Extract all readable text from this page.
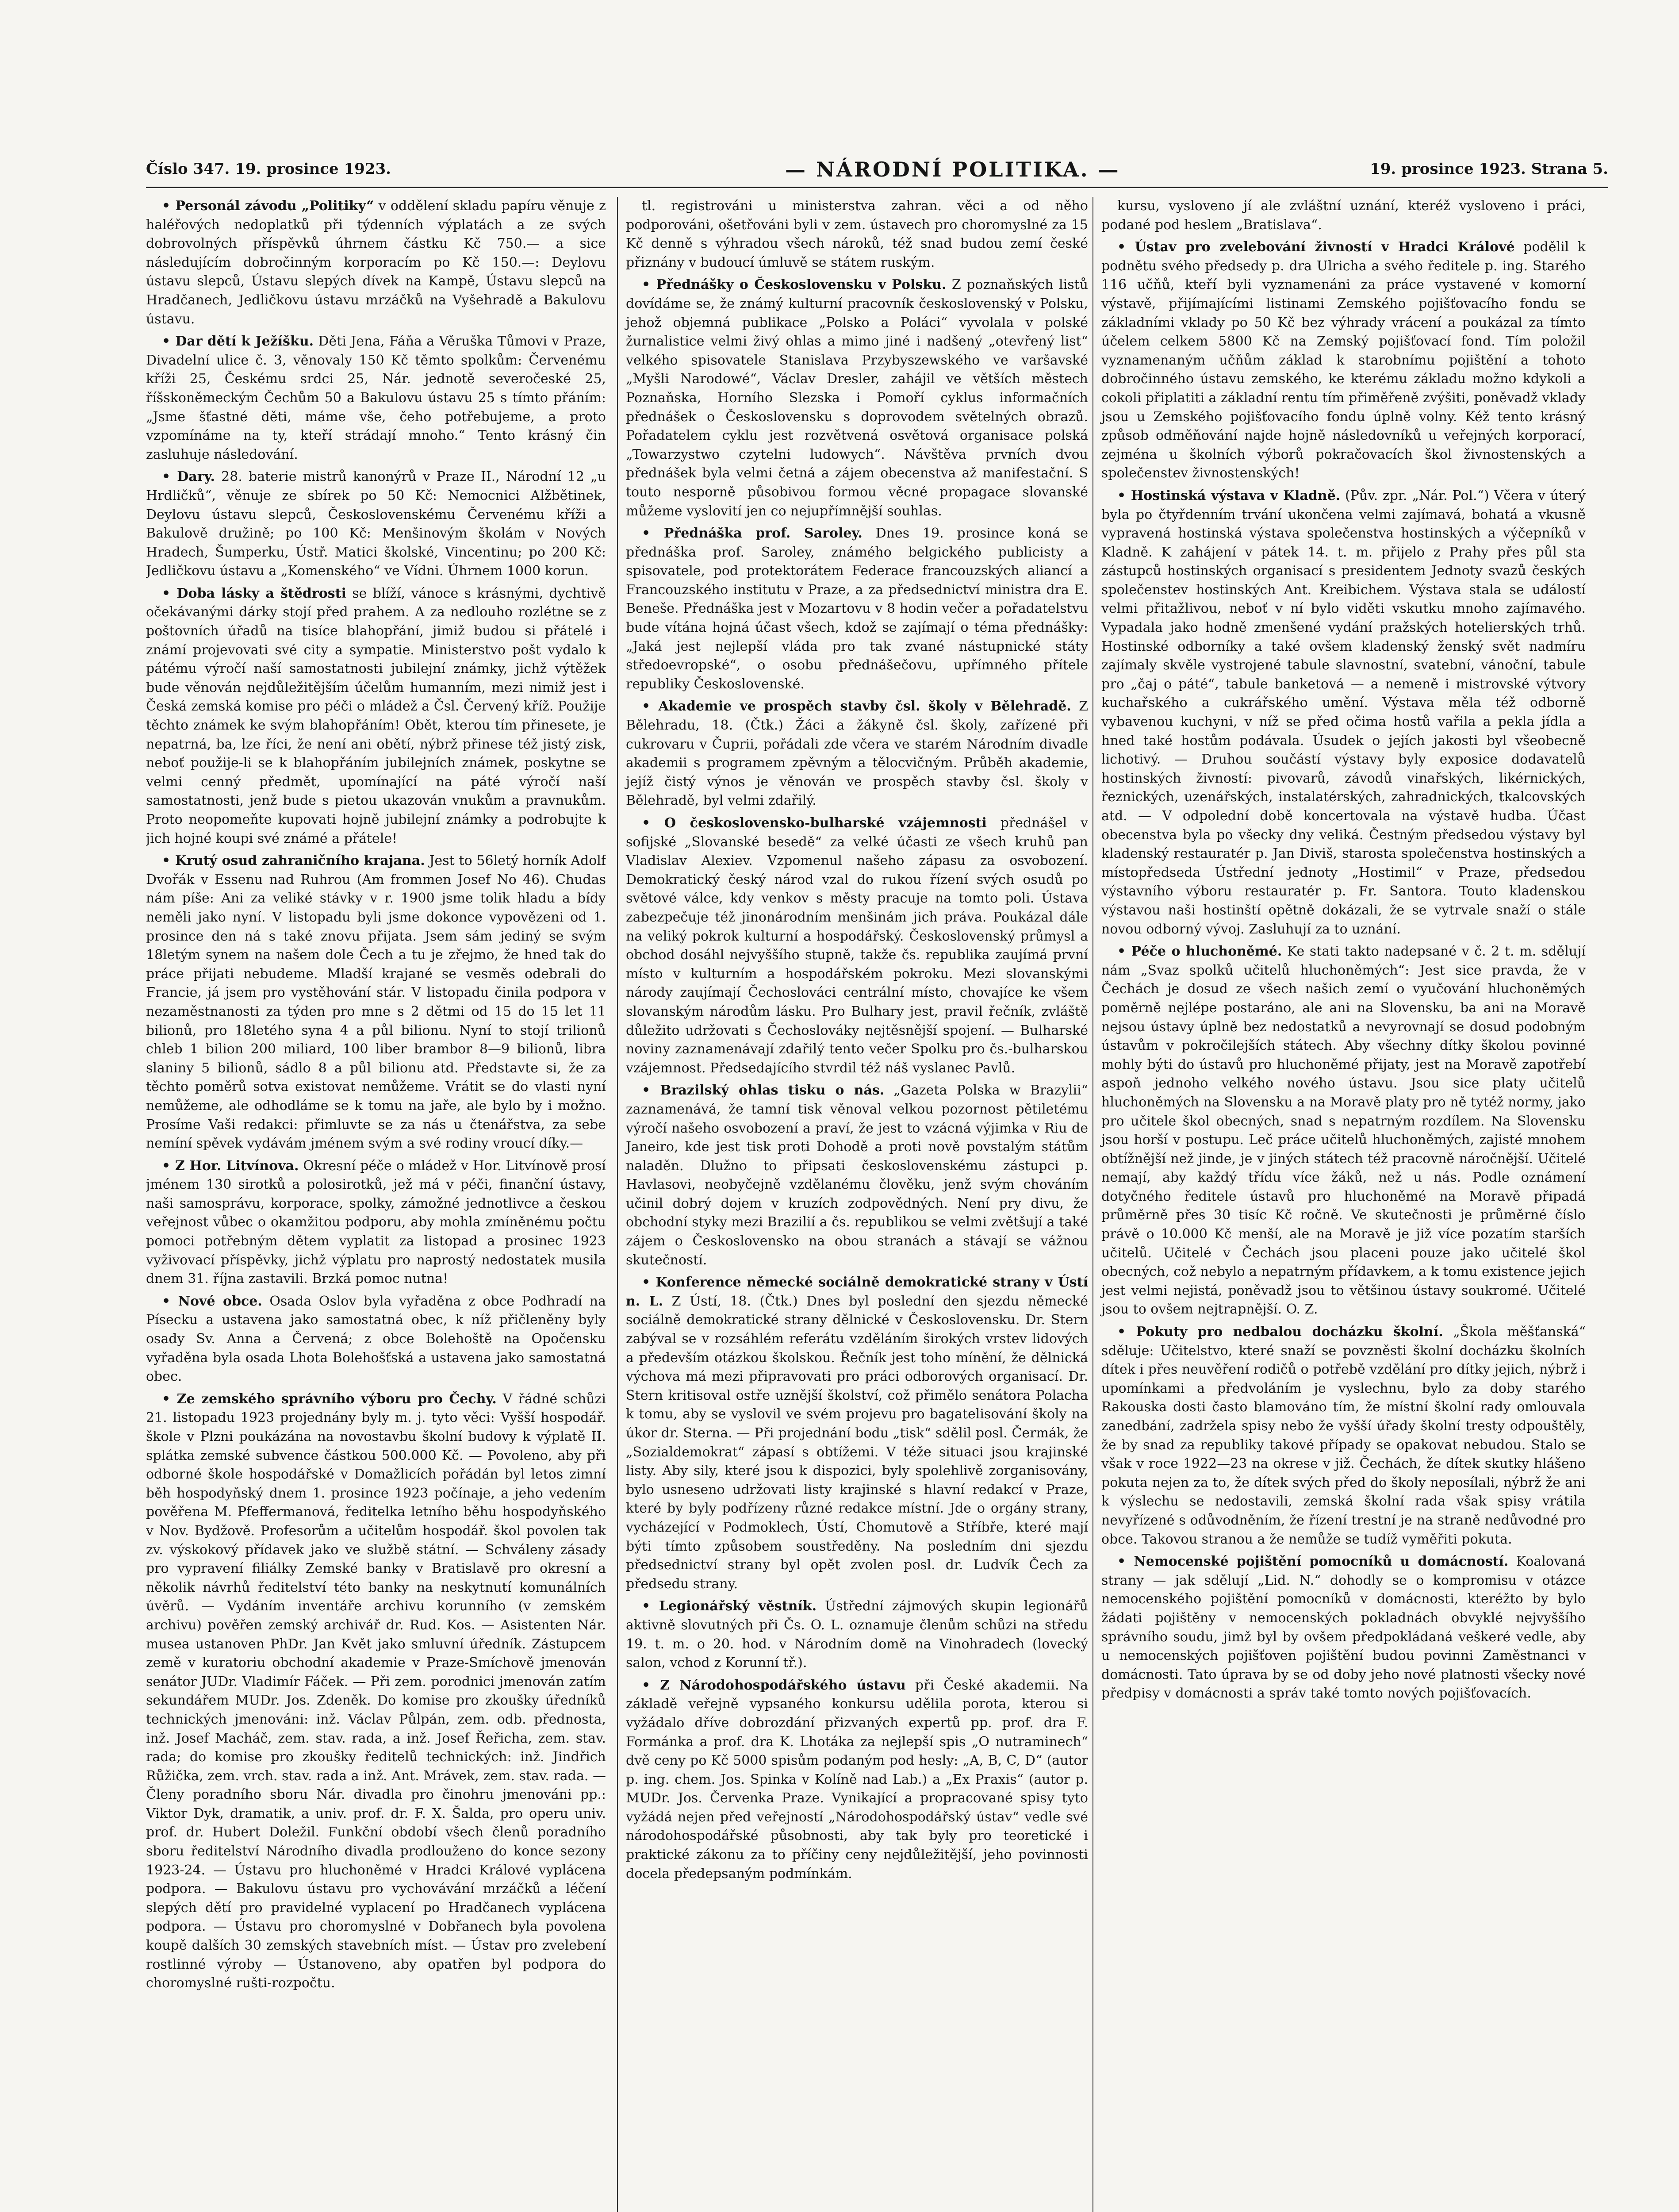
Číslo 347. 19. prosince 1923.	— NÁRODNÍ POLITIKA. —	19. prosince 1923. Strana 5.

• Personál závodu „Politiky“ v oddělení skladu papíru věnuje z haléřových nedoplatků při týdenních výplatách a ze svých dobrovolných příspěvků úhrnem částku Kč 750.— a sice následujícím dobročinným korporacím po Kč 150.—: Deylovu ústavu slepců, Ústavu slepých dívek na Kampě, Ústavu slepců na Hradčanech, Jedličkovu ústavu mrzáčků na Vyšehradě a Bakulovu ústavu.

• Dar dětí k Ježíšku. Děti Jena, Fáňa a Věruška Tůmovi v Praze, Divadelní ulice č. 3, věnovaly 150 Kč těmto spolkům: Červenému kříži 25, Českému srdci 25, Nár. jednotě severočeské 25, říšskoněmeckým Čechům 50 a Bakulovu ústavu 25 s tímto přáním: „Jsme šťastné děti, máme vše, čeho potřebujeme, a proto vzpomínáme na ty, kteří strádají mnoho.“ Tento krásný čin zasluhuje následování.

• Dary. 28. baterie mistrů kanonýrů v Praze II., Národní 12 „u Hrdličků“, věnuje ze sbírek po 50 Kč: Nemocnici Alžbětinek, Deylovu ústavu slepců, Československému Červenému kříži a Bakulově družině; po 100 Kč: Menšinovým školám v Nových Hradech, Šumperku, Ústř. Matici školské, Vincentinu; po 200 Kč: Jedličkovu ústavu a „Komenského“ ve Vídni. Úhrnem 1000 korun.

• Doba lásky a štědrosti se blíží, vánoce s krásnými, dychtivě očekávanými dárky stojí před prahem. A za nedlouho rozlétne se z poštovních úřadů na tisíce blahopřání, jimiž budou si přátelé i známí projevovati své city a sympatie. Ministerstvo pošt vydalo k pátému výročí naší samostatnosti jubilejní známky, jichž výtěžek bude věnován nejdůležitějším účelům humanním, mezi nimiž jest i Česká zemská komise pro péči o mládež a Čsl. Červený kříž. Použije těchto známek ke svým blahopřáním! Obět, kterou tím přinesete, je nepatrná, ba, lze říci, že není ani obětí, nýbrž přinese též jistý zisk, neboť použije-li se k blahopřáním jubilejních známek, poskytne se velmi cenný předmět, upomínající na páté výročí naší samostatnosti, jenž bude s pietou ukazován vnukům a pravnukům. Proto neopomeňte kupovati hojně jubilejní známky a podrobujte k jich hojné koupi své známé a přátele!

• Krutý osud zahraničního krajana. Jest to 56letý horník Adolf Dvořák v Essenu nad Ruhrou (Am frommen Josef No 46). Chudas nám píše: Ani za veliké stávky v r. 1900 jsme tolik hladu a bídy neměli jako nyní. V listopadu byli jsme dokonce vypovězeni od 1. prosince den ná s také znovu přijata. Jsem sám jediný se svým 18letým synem na našem dole Čech a tu je zřejmo, že hned tak do práce přijati nebudeme. Mladší krajané se vesměs odebrali do Francie, já jsem pro vystěhování stár. V listopadu činila podpora v nezaměstnanosti za týden pro mne s 2 dětmi od 15 do 15 let 11 bilionů, pro 18letého syna 4 a půl bilionu. Nyní to stojí trilionů chleb 1 bilion 200 miliard, 100 liber brambor 8—9 bilionů, libra slaniny 5 bilionů, sádlo 8 a půl bilionu atd. Představte si, že za těchto poměrů sotva existovat nemůžeme. Vrátit se do vlasti nyní nemůžeme, ale odhodláme se k tomu na jaře, ale bylo by i možno. Prosíme Vaši redakci: přimluvte se za nás u čtenářstva, za sebe nemíní spěvek vydávám jménem svým a své rodiny vroucí díky.—

• Z Hor. Litvínova. Okresní péče o mládež v Hor. Litvínově prosí jménem 130 sirotků a polosirotků, jež má v péči, finanční ústavy, naši samosprávu, korporace, spolky, zámožné jednotlivce a českou veřejnost vůbec o okamžitou podporu, aby mohla zmíněnému počtu pomoci potřebným dětem vyplatit za listopad a prosinec 1923 vyživovací příspěvky, jichž výplatu pro naprostý nedostatek musila dnem 31. října zastavili. Brzká pomoc nutna!

• Nové obce. Osada Oslov byla vyřaděna z obce Podhradí na Písecku a ustavena jako samostatná obec, k níž přičleněny byly osady Sv. Anna a Červená; z obce Bolehoště na Opočensku vyřaděna byla osada Lhota Bolehošťská a ustavena jako samostatná obec.

• Ze zemského správního výboru pro Čechy. V řádné schůzi 21. listopadu 1923 projednány byly m. j. tyto věci: Vyšší hospodář. škole v Plzni poukázána na novostavbu školní budovy k výplatě II. splátka zemské subvence částkou 500.000 Kč. — Povoleno, aby při odborné škole hospodářské v Domažlicích pořádán byl letos zimní běh hospodyňský dnem 1. prosince 1923 počínaje, a jeho vedením pověřena M. Pfeffermanová, ředitelka letního běhu hospodyňského v Nov. Bydžově. Profesorům a učitelům hospodář. škol povolen tak zv. výskokový přídavek jako ve službě státní. — Schváleny zásady pro vypravení filiálky Zemské banky v Bratislavě pro okresní a několik návrhů ředitelství této banky na neskytnutí komunálních úvěrů. — Vydáním inventáře archivu korunního (v zemském archivu) pověřen zemský archivář dr. Rud. Kos. — Asistenten Nár. musea ustanoven PhDr. Jan Květ jako smluvní úředník. Zástupcem země v kuratoriu obchodní akademie v Praze-Smíchově jmenován senátor JUDr. Vladimír Fáček. — Při zem. porodnici jmenován zatím sekundářem MUDr. Jos. Zdeněk. Do komise pro zkoušky úředníků technických jmenováni: inž. Václav Půlpán, zem. odb. přednosta, inž. Josef Macháč, zem. stav. rada, a inž. Josef Řeřicha, zem. stav. rada; do komise pro zkoušky ředitelů technických: inž. Jindřich Růžička, zem. vrch. stav. rada a inž. Ant. Mrávek, zem. stav. rada. — Členy poradního sboru Nár. divadla pro činohru jmenováni pp.: Viktor Dyk, dramatik, a univ. prof. dr. F. X. Šalda, pro operu univ. prof. dr. Hubert Doležil. Funkční období všech členů poradního sboru ředitelství Národního divadla prodlouženo do konce sezony 1923-24. — Ústavu pro hluchoněmé v Hradci Králové vyplácena podpora. — Bakulovu ústavu pro vychovávání mrzáčků a léčení slepých dětí pro pravidelné vyplacení po Hradčanech vyplácena podpora. — Ústavu pro choromyslné v Dobřanech byla povolena koupě dalších 30 zemských stavebních míst. — Ústav pro zvelebení rostlinné výroby — Ústanoveno, aby opatřen byl podpora do choromyslné rušti-rozpočtu.

tl. registrováni u ministerstva zahran. věci a od něho podporováni, ošetřováni byli v zem. ústavech pro choromyslné za 15 Kč denně s výhradou všech nároků, též snad budou zemí české přiznány v budoucí úmluvě se státem ruským.

• Přednášky o Československu v Polsku. Z poznaňských listů dovídáme se, že známý kulturní pracovník československý v Polsku, jehož objemná publikace „Polsko a Poláci“ vyvolala v polské žurnalistice velmi živý ohlas a mimo jiné i nadšený „otevřený list“ velkého spisovatele Stanislava Przybyszewského ve varšavské „Myšli Narodowé“, Václav Dresler, zahájil ve větších městech Poznaňska, Horního Slezska i Pomoří cyklus informačních přednášek o Československu s doprovodem světelných obrazů. Pořadatelem cyklu jest rozvětvená osvětová organisace polská „Towarzystwo czytelni ludowych“. Návštěva prvních dvou přednášek byla velmi četná a zájem obecenstva až manifestační. S touto nesporně působivou formou věcné propagace slovanské můžeme vyslovití jen co nejupřímnější souhlas.

• Přednáška prof. Saroley. Dnes 19. prosince koná se přednáška prof. Saroley, známého belgického publicisty a spisovatele, pod protektorátem Federace francouzských aliancí a Francouzského institutu v Praze, a za předsednictví ministra dra E. Beneše. Přednáška jest v Mozartovu v 8 hodin večer a pořadatelstvu bude vítána hojná účast všech, kdož se zajímají o téma přednášky: „Jaká jest nejlepší vláda pro tak zvané nástupnické státy středoevropské“, o osobu přednášečovu, upřímného přítele republiky Československé.

• Akademie ve prospěch stavby čsl. školy v Bělehradě. Z Bělehradu, 18. (Čtk.) Žáci a žákyně čsl. školy, zařízené při cukrovaru v Čuprii, pořádali zde včera ve starém Národním divadle akademii s programem zpěvným a tělocvičným. Průběh akademie, jejíž čistý výnos je věnován ve prospěch stavby čsl. školy v Bělehradě, byl velmi zdařilý.

• O československo-bulharské vzájemnosti přednášel v sofijské „Slovanské besedě“ za velké účasti ze všech kruhů pan Vladislav Alexiev. Vzpomenul našeho zápasu za osvobození. Demokratický český národ vzal do rukou řízení svých osudů po světové válce, kdy venkov s městy pracuje na tomto poli. Ústava zabezpečuje též jinonárodním menšinám jich práva. Poukázal dále na veliký pokrok kulturní a hospodářský. Československý průmysl a obchod dosáhl nejvyššího stupně, takže čs. republika zaujímá první místo v kulturním a hospodářském pokroku. Mezi slovanskými národy zaujímají Čechoslováci centrální místo, chovajíce ke všem slovanským národům lásku. Pro Bulhary jest, pravil řečník, zvláště důležito udržovati s Čechoslováky nejtěsnější spojení. — Bulharské noviny zaznamenávají zdařilý tento večer Spolku pro čs.-bulharskou vzájemnost. Předsedajícího stvrdil též náš vyslanec Pavlů.

• Brazilský ohlas tisku o nás. „Gazeta Polska w Brazylii“ zaznamenává, že tamní tisk věnoval velkou pozornost pětiletému výročí našeho osvobození a praví, že jest to vzácná výjimka v Riu de Janeiro, kde jest tisk proti Dohodě a proti nově povstalým státům naladěn. Dlužno to připsati československému zástupci p. Havlasovi, neobyčejně vzdělanému člověku, jenž svým chováním učinil dobrý dojem v kruzích zodpovědných. Není pry divu, že obchodní styky mezi Brazilií a čs. republikou se velmi zvětšují a také zájem o Československo na obou stranách a stávají se vážnou skutečností.

• Konference německé sociálně demokratické strany v Ústí n. L. Z Ústí, 18. (Čtk.) Dnes byl poslední den sjezdu německé sociálně demokratické strany dělnické v Československu. Dr. Stern zabýval se v rozsáhlém referátu vzděláním širokých vrstev lidových a především otázkou školskou. Řečník jest toho mínění, že dělnická výchova má mezi připravovati pro práci odborových organisací. Dr. Stern kritisoval ostře uznější školství, což přimělo senátora Polacha k tomu, aby se vyslovil ve svém projevu pro bagatelisování školy na úkor dr. Sterna. — Při projednání bodu „tisk“ sdělil posl. Čermák, že „Sozialdemokrat“ zápasí s obtížemi. V téže situaci jsou krajinské listy. Aby sily, které jsou k dispozici, byly spolehlivě zorganisovány, bylo usneseno udržovati listy krajinské s hlavní redakcí v Praze, které by byly podřízeny různé redakce místní. Jde o orgány strany, vycházející v Podmoklech, Ústí, Chomutově a Stříbře, které mají býti tímto způsobem soustředěny. Na posledním dni sjezdu předsednictví strany byl opět zvolen posl. dr. Ludvík Čech za předsedu strany.

• Legionářský věstník. Ústřední zájmových skupin legionářů aktivně slovutných při Čs. O. L. oznamuje členům schůzi na středu 19. t. m. o 20. hod. v Národním domě na Vinohradech (lovecký salon, vchod z Korunní tř.).

• Z Národohospodářského ústavu při České akademii. Na základě veřejně vypsaného konkursu udělila porota, kterou si vyžádalo dříve dobrozdání přizvaných expertů pp. prof. dra F. Formánka a prof. dra K. Lhotáka za nejlepší spis „O nutraminech“ dvě ceny po Kč 5000 spisům podaným pod hesly: „A, B, C, D“ (autor p. ing. chem. Jos. Spinka v Kolíně nad Lab.) a „Ex Praxis“ (autor p. MUDr. Jos. Červenka Praze. Vynikající a propracované spisy tyto vyžádá nejen před veřejností „Národohospodářský ústav“ vedle své národohospodářské působnosti, aby tak byly pro teoretické i praktické zákonu za to příčiny ceny nejdůležitější, jeho povinnosti docela předepsaným podmínkám.

kursu, vysloveno jí ale zvláštní uznání, kteréž vysloveno i práci, podané pod heslem „Bratislava“.

• Ústav pro zvelebování živností v Hradci Králové podělil k podnětu svého předsedy p. dra Ulricha a svého ředitele p. ing. Starého 116 učňů, kteří byli vyznamenáni za práce vystavené v komorní výstavě, přijímajícími listinami Zemského pojišťovacího fondu se základními vklady po 50 Kč bez výhrady vrácení a poukázal za tímto účelem celkem 5800 Kč na Zemský pojišťovací fond. Tím položil vyznamenaným učňům základ k starobnímu pojištění a tohoto dobročinného ústavu zemského, ke kterému základu možno kdykoli a cokoli připlatiti a základní rentu tím přiměřeně zvýšiti, poněvadž vklady jsou u Zemského pojišťovacího fondu úplně volny. Kéž tento krásný způsob odměňování najde hojně následovníků u veřejných korporací, zejména u školních výborů pokračovacích škol živnostenských a společenstev živnostenských!

• Hostinská výstava v Kladně. (Pův. zpr. „Nár. Pol.“) Včera v úterý byla po čtyřdenním trvání ukončena velmi zajímavá, bohatá a vkusně vypravená hostinská výstava společenstva hostinských a výčepníků v Kladně. K zahájení v pátek 14. t. m. přijelo z Prahy přes půl sta zástupců hostinských organisací s presidentem Jednoty svazů českých společenstev hostinských Ant. Kreibichem. Výstava stala se událostí velmi přitažlivou, neboť v ní bylo viděti vskutku mnoho zajímavého. Vypadala jako hodně zmenšené vydání pražských hotelierských trhů. Hostinské odborníky a také ovšem kladenský ženský svět nadmíru zajímaly skvěle vystrojené tabule slavnostní, svatební, vánoční, tabule pro „čaj o páté“, tabule banketová — a nemeně i mistrovské výtvory kuchařského a cukrářského umění. Výstava měla též odborně vybavenou kuchyni, v níž se před očima hostů vařila a pekla jídla a hned také hostům podávala. Úsudek o jejích jakosti byl všeobecně lichotivý. — Druhou součástí výstavy byly exposice dodavatelů hostinských živností: pivovarů, závodů vinařských, likérnických, řeznických, uzenářských, instalatérských, zahradnických, tkalcovských atd. — V odpolední době koncertovala na výstavě hudba. Účast obecenstva byla po všecky dny veliká. Čestným předsedou výstavy byl kladenský restauratér p. Jan Diviš, starosta společenstva hostinských a místopředseda Ústřední jednoty „Hostimil“ v Praze, předsedou výstavního výboru restauratér p. Fr. Santora. Touto kladenskou výstavou naši hostinští opětně dokázali, že se vytrvale snaží o stále novou odborný vývoj. Zasluhují za to uznání.

• Péče o hluchoněmé. Ke stati takto nadepsané v č. 2 t. m. sdělují nám „Svaz spolků učitelů hluchoněmých“: Jest sice pravda, že v Čechách je dosud ze všech našich zemí o vyučování hluchoněmých poměrně nejlépe postaráno, ale ani na Slovensku, ba ani na Moravě nejsou ústavy úplně bez nedostatků a nevyrovnají se dosud podobným ústavům v pokročilejších státech. Aby všechny dítky školou povinné mohly býti do ústavů pro hluchoněmé přijaty, jest na Moravě zapotřebí aspoň jednoho velkého nového ústavu. Jsou sice platy učitelů hluchoněmých na Slovensku a na Moravě platy pro ně tytéž normy, jako pro učitele škol obecných, snad s nepatrným rozdílem. Na Slovensku jsou horší v postupu. Leč práce učitelů hluchoněmých, zajisté mnohem obtížnější než jinde, je v jiných státech též pracovně náročnější. Učitelé nemají, aby každý třídu více žáků, než u nás. Podle oznámení dotyčného ředitele ústavů pro hluchoněmé na Moravě připadá průměrně přes 30 tisíc Kč ročně. Ve skutečnosti je průměrné číslo právě o 10.000 Kč menší, ale na Moravě je již více pozatím starších učitelů. Učitelé v Čechách jsou placeni pouze jako učitelé škol obecných, což nebylo a nepatrným přídavkem, a k tomu existence jejich jest velmi nejistá, poněvadž jsou to většinou ústavy soukromé. Učitelé jsou to ovšem nejtrapnější. O. Z.

• Pokuty pro nedbalou docházku školní. „Škola měšťanská“ sděluje: Učitelstvo, které snaží se povzněsti školní docházku školních dítek i přes neuvěření rodičů o potřebě vzdělání pro dítky jejich, nýbrž i upomínkami a předvoláním je vyslechnu, bylo za doby starého Rakouska dosti často blamováno tím, že místní školní rady omlouvala zanedbání, zadržela spisy nebo že vyšší úřady školní tresty odpouštěly, že by snad za republiky takové případy se opakovat nebudou. Stalo se však v roce 1922—23 na okrese v již. Čechách, že dítek skutky hlášeno pokuta nejen za to, že dítek svých před do školy neposílali, nýbrž že ani k výslechu se nedostavili, zemská školní rada však spisy vrátila nevyřízené s odůvodněním, že řízení trestní je na straně nedůvodné pro obce. Takovou stranou a že nemůže se tudíž vyměřiti pokuta.

• Nemocenské pojištění pomocníků u domácností. Koalovaná strany — jak sdělují „Lid. N.“ dohodly se o kompromisu v otázce nemocenského pojištění pomocníků v domácnosti, kteréžto by bylo žádati pojištěny v nemocenských pokladnách obvyklé nejvyššího správního soudu, jimž byl by ovšem předpokládaná veškeré vedle, aby u nemocenských pojišťoven pojištění budou povinni Zaměstnanci v domácnosti. Tato úprava by se od doby jeho nové platnosti všecky nové předpisy v domácnosti a správ také tomto nových pojišťovacích.
